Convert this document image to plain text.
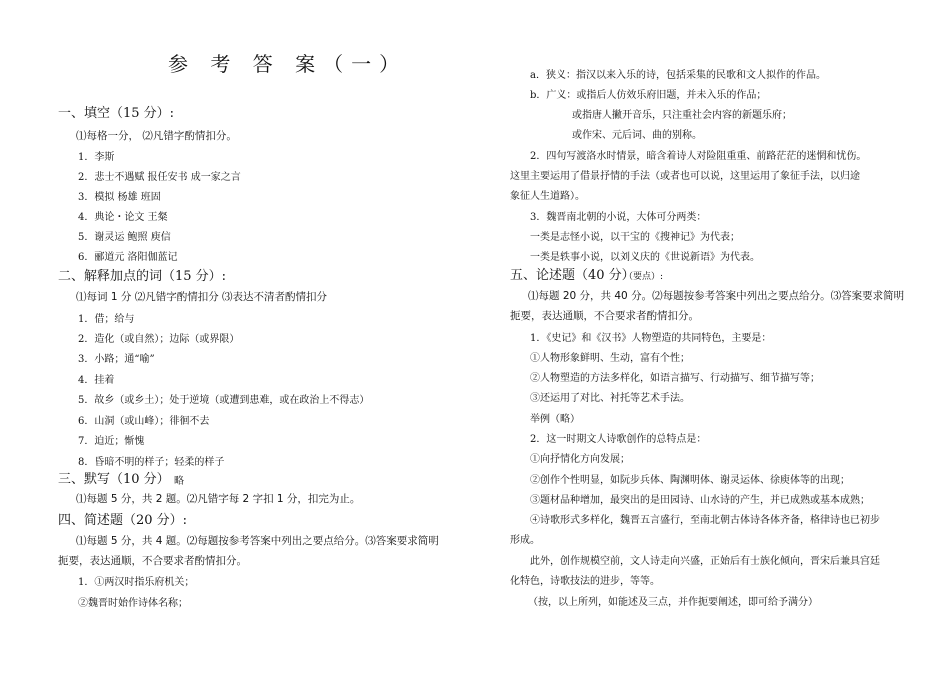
参 考 答 案（一）
一、填空（15 分）:
⑴每格一分， ⑵凡错字酌情扣分。
1．李斯
2．悲士不遇赋 报任安书 成一家之言
3．模拟 杨雄 班固
4．典论・论文 王粲
5．谢灵运 鲍照 庾信
6．郦道元 洛阳伽蓝记
二、解释加点的词（15 分）:
⑴每词 1 分 ⑵凡错字酌情扣分 ⑶表达不清者酌情扣分
1．借；给与
2．造化（或自然）；边际（或界限）
3．小路；通“喻”
4．挂着
5．故乡（或乡土）；处于逆境（或遭到患难，或在政治上不得志）
6．山洞（或山峰）；徘徊不去
7．迫近；惭愧
8．昏暗不明的样子；轻柔的样子
三、默写（10 分） 略
⑴每题 5 分，共 2 题。⑵凡错字每 2 字扣 1 分，扣完为止。
四、简述题（20 分）:
⑴每题 5 分，共 4 题。⑵每题按参考答案中列出之要点给分。⑶答案要求简明
扼要，表达通顺，不合要求者酌情扣分。
1．①两汉时指乐府机关；
②魏晋时始作诗体名称；
a．狭义：指汉以来入乐的诗，包括采集的民歌和文人拟作的作品。
b．广义：或指后人仿效乐府旧题，并未入乐的作品；
或指唐人撇开音乐，只注重社会内容的新题乐府；
或作宋、元后词、曲的别称。
2．四句写渡洛水时情景，暗含着诗人对险阻重重、前路茫茫的迷惘和忧伤。
这里主要运用了借景抒情的手法（或者也可以说，这里运用了象征手法，以归途
象征人生道路）。
3．魏晋南北朝的小说，大体可分两类：
一类是志怪小说，以干宝的《搜神记》为代表；
一类是轶事小说，以刘义庆的《世说新语》为代表。
五、论述题（40 分）
（要点）:
⑴每题 20 分，共 40 分。⑵每题按参考答案中列出之要点给分。⑶答案要求简明
扼要，表达通顺，不合要求者酌情扣分。
1．《史记》和《汉书》人物塑造的共同特色，主要是：
①人物形象鲜明、生动，富有个性；
②人物塑造的方法多样化，如语言描写、行动描写、细节描写等；
③还运用了对比、衬托等艺术手法。
举例（略）
2．这一时期文人诗歌创作的总特点是：
①向抒情化方向发展；
②创作个性明显，如阮步兵体、陶渊明体、谢灵运体、徐庾体等的出现；
③题材品种增加，最突出的是田园诗、山水诗的产生，并已成熟或基本成熟；
④诗歌形式多样化，魏晋五言盛行，至南北朝古体诗各体齐备，格律诗也已初步
形成。
此外，创作规模空前，文人诗走向兴盛，正始后有士族化倾向，晋宋后兼具宫廷
化特色，诗歌技法的进步，等等。
（按，以上所列，如能述及三点，并作扼要阐述，即可给予满分）
